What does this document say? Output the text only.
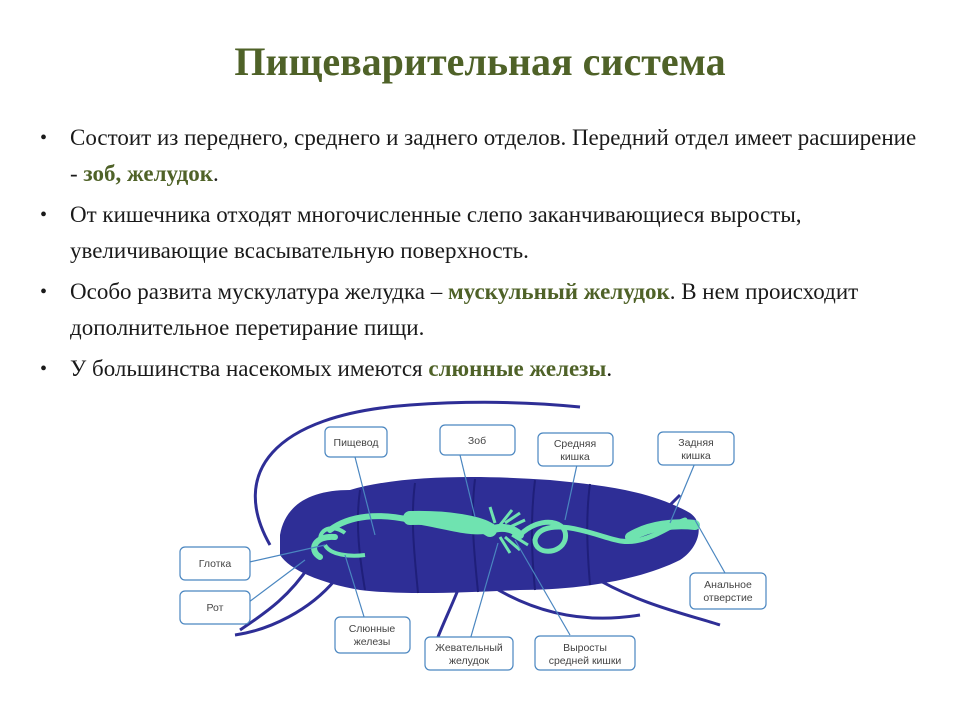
Пищеварительная система
• Состоит из переднего, среднего и заднего отделов. Передний отдел имеет расширение - зоб, желудок.
• От кишечника отходят многочисленные слепо заканчивающиеся выросты, увеличивающие всасывательную поверхность.
• Особо развита мускулатура желудка – мускульный желудок. В нем происходит дополнительное перетирание пищи.
• У большинства насекомых имеются слюнные железы.
Пищевод	Зоб	Средняя
кишка
Задняя
кишка
Глотка
Рот
Слюнные
железы	Жевательный
желудок
Выросты
средней кишки
Анальное
отверстие
